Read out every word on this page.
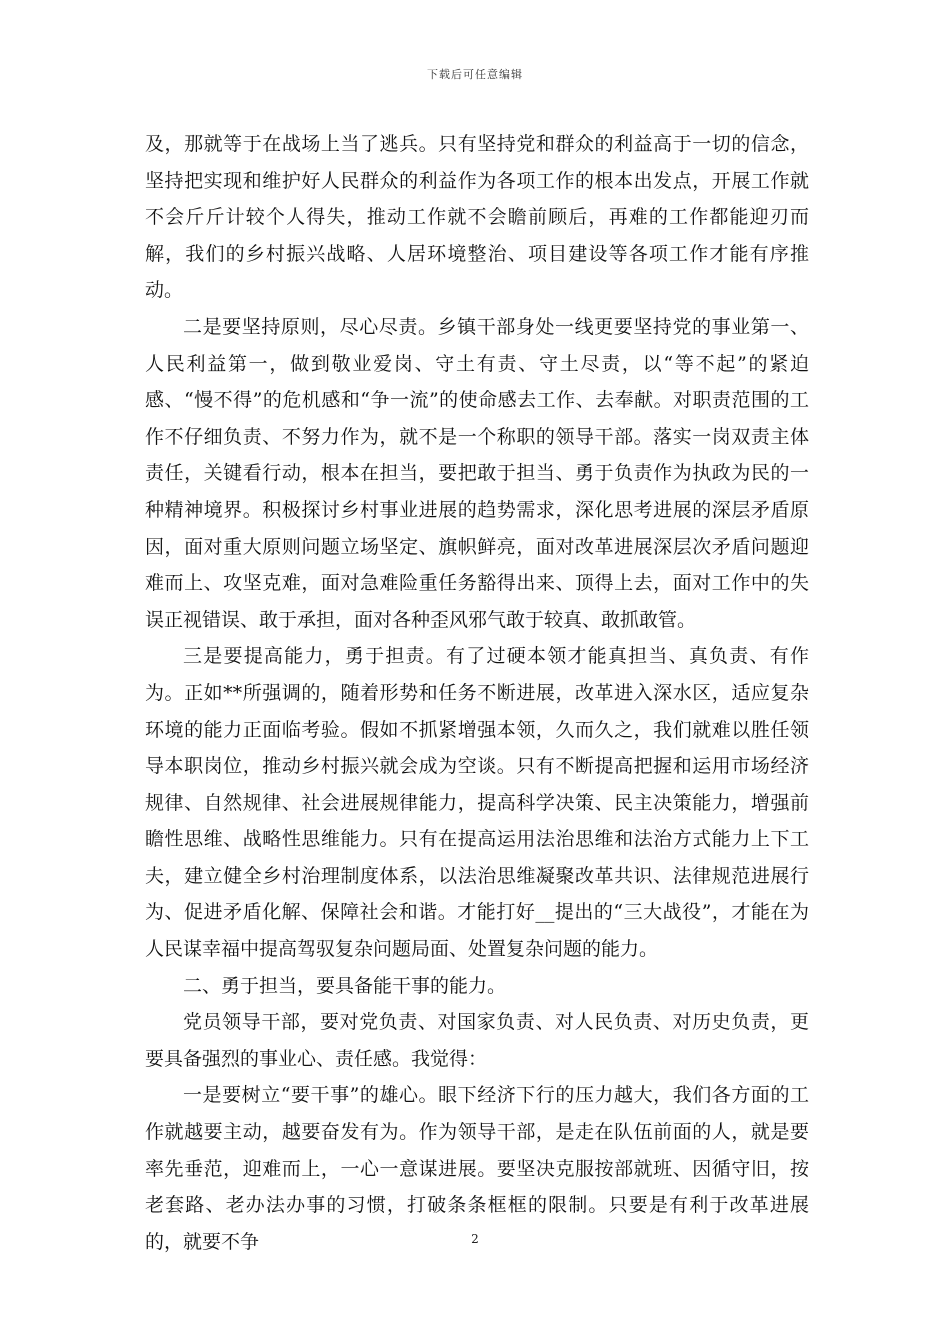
下载后可任意编辑

及，那就等于在战场上当了逃兵。只有坚持党和群众的利益高于一切的信念，坚持把实现和维护好人民群众的利益作为各项工作的根本出发点，开展工作就不会斤斤计较个人得失，推动工作就不会瞻前顾后，再难的工作都能迎刃而解，我们的乡村振兴战略、人居环境整治、项目建设等各项工作才能有序推动。

二是要坚持原则，尽心尽责。乡镇干部身处一线更要坚持党的事业第一、人民利益第一，做到敬业爱岗、守土有责、守土尽责，以“等不起”的紧迫感、“慢不得”的危机感和“争一流”的使命感去工作、去奉献。对职责范围的工作不仔细负责、不努力作为，就不是一个称职的领导干部。落实一岗双责主体责任，关键看行动，根本在担当，要把敢于担当、勇于负责作为执政为民的一种精神境界。积极探讨乡村事业进展的趋势需求，深化思考进展的深层矛盾原因，面对重大原则问题立场坚定、旗帜鲜亮，面对改革进展深层次矛盾问题迎难而上、攻坚克难，面对急难险重任务豁得出来、顶得上去，面对工作中的失误正视错误、敢于承担，面对各种歪风邪气敢于较真、敢抓敢管。

三是要提高能力，勇于担责。有了过硬本领才能真担当、真负责、有作为。正如**所强调的，随着形势和任务不断进展，改革进入深水区，适应复杂环境的能力正面临考验。假如不抓紧增强本领，久而久之，我们就难以胜任领导本职岗位，推动乡村振兴就会成为空谈。只有不断提高把握和运用市场经济规律、自然规律、社会进展规律能力，提高科学决策、民主决策能力，增强前瞻性思维、战略性思维能力。只有在提高运用法治思维和法治方式能力上下工夫，建立健全乡村治理制度体系，以法治思维凝聚改革共识、法律规范进展行为、促进矛盾化解、保障社会和谐。才能打好__提出的“三大战役”，才能在为人民谋幸福中提高驾驭复杂问题局面、处置复杂问题的能力。

二、勇于担当，要具备能干事的能力。

党员领导干部，要对党负责、对国家负责、对人民负责、对历史负责，更要具备强烈的事业心、责任感。我觉得：

一是要树立“要干事”的雄心。眼下经济下行的压力越大，我们各方面的工作就越要主动，越要奋发有为。作为领导干部，是走在队伍前面的人，就是要率先垂范，迎难而上，一心一意谋进展。要坚决克服按部就班、因循守旧，按老套路、老办法办事的习惯，打破条条框框的限制。只要是有利于改革进展的，就要不争	2
